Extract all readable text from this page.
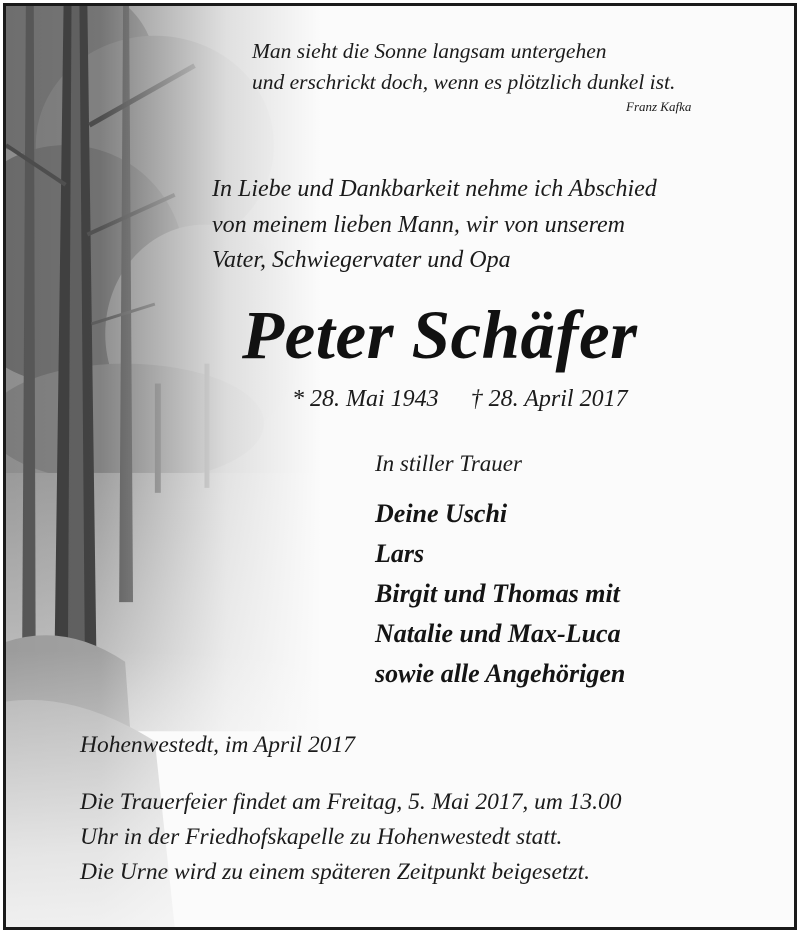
Man sieht die Sonne langsam untergehen
und erschrickt doch, wenn es plötzlich dunkel ist.
Franz Kafka
In Liebe und Dankbarkeit nehme ich Abschied
von meinem lieben Mann, wir von unserem
Vater, Schwiegervater und Opa
Peter Schäfer
* 28. Mai 1943 † 28. April 2017
In stiller Trauer
Deine Uschi
Lars
Birgit und Thomas mit
Natalie und Max-Luca
sowie alle Angehörigen
Hohenwestedt, im April 2017
Die Trauerfeier findet am Freitag, 5. Mai 2017, um 13.00
Uhr in der Friedhofskapelle zu Hohenwestedt statt.
Die Urne wird zu einem späteren Zeitpunkt beigesetzt.
